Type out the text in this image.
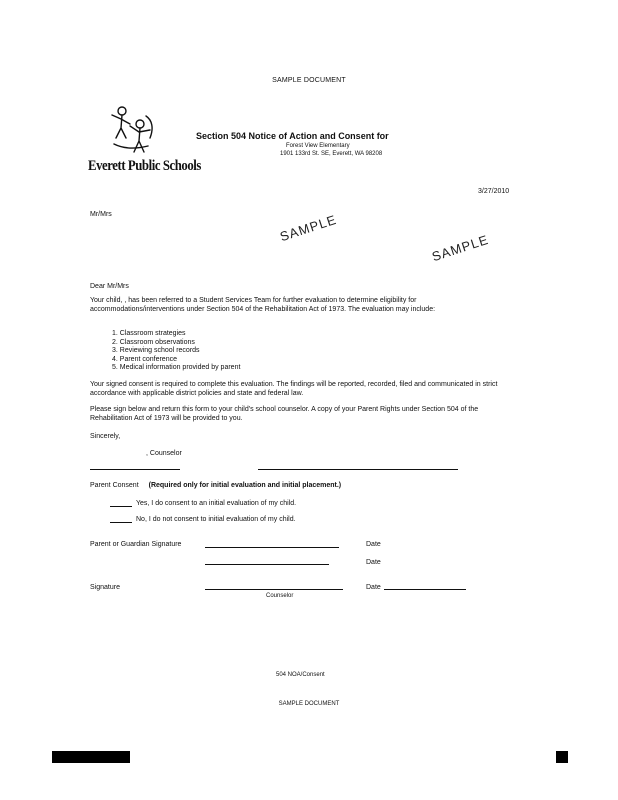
SAMPLE DOCUMENT
Everett Public Schools
Section 504 Notice of Action and Consent for
Forest View Elementary
1901 133rd St. SE, Everett, WA 98208
3/27/2010
Mr/Mrs	SAMPLE
SAMPLE
Dear Mr/Mrs
Your child, , has been referred to a Student Services Team for further evaluation to determine eligibility for accommodations/interventions under Section 504 of the Rehabilitation Act of 1973. The evaluation may include:
1. Classroom strategies
2. Classroom observations
3. Reviewing school records
4. Parent conference
5. Medical information provided by parent
Your signed consent is required to complete this evaluation. The findings will be reported, recorded, filed and communicated in strict accordance with applicable district policies and state and federal law.
Please sign below and return this form to your child's school counselor. A copy of your Parent Rights under Section 504 of the Rehabilitation Act of 1973 will be provided to you.
Sincerely,
, Counselor
Parent Consent (Required only for initial evaluation and initial placement.)
Yes, I do consent to an initial evaluation of my child.
No, I do not consent to initial evaluation of my child.
Parent or Guardian Signature	Date
Date
Signature	Date
Counselor
504 NOA/Consent
SAMPLE DOCUMENT
